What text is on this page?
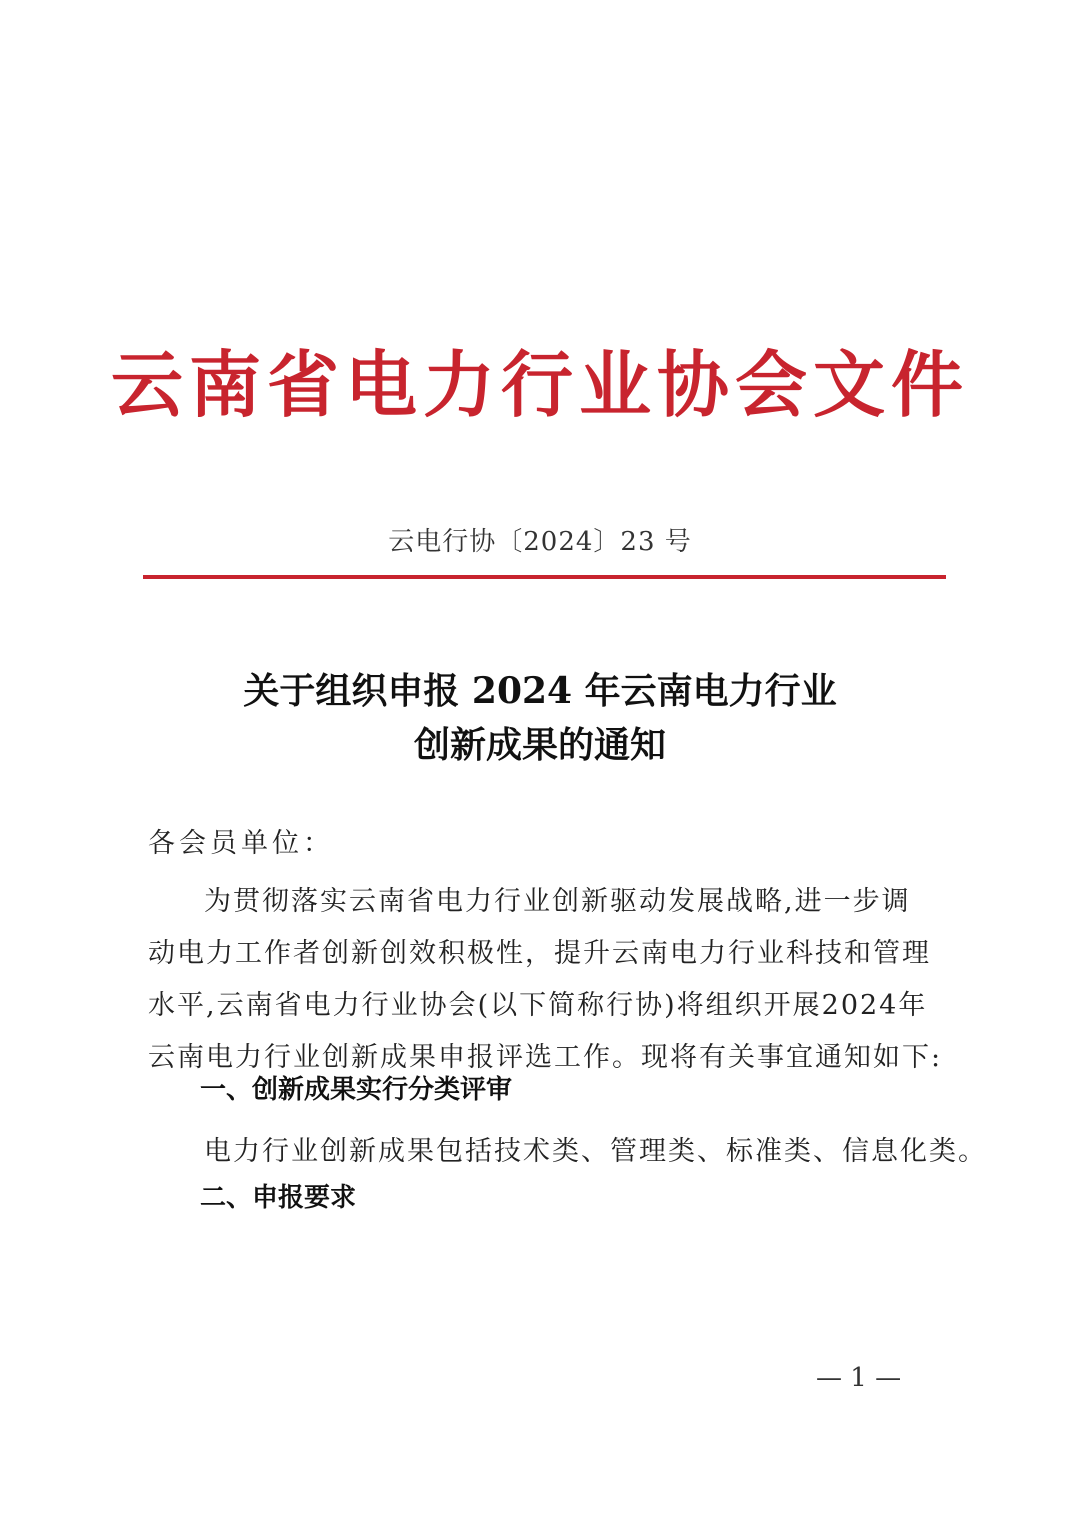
云南省电力行业协会文件
云电行协〔2024〕23 号
关于组织申报 2024 年云南电力行业
创新成果的通知
各会员单位：
为贯彻落实云南省电力行业创新驱动发展战略,进一步调
动电力工作者创新创效积极性，提升云南电力行业科技和管理
水平,云南省电力行业协会(以下简称行协)将组织开展2024年
云南电力行业创新成果申报评选工作。现将有关事宜通知如下:
一、创新成果实行分类评审
电力行业创新成果包括技术类、管理类、标准类、信息化类。
二、申报要求
— 1 —
